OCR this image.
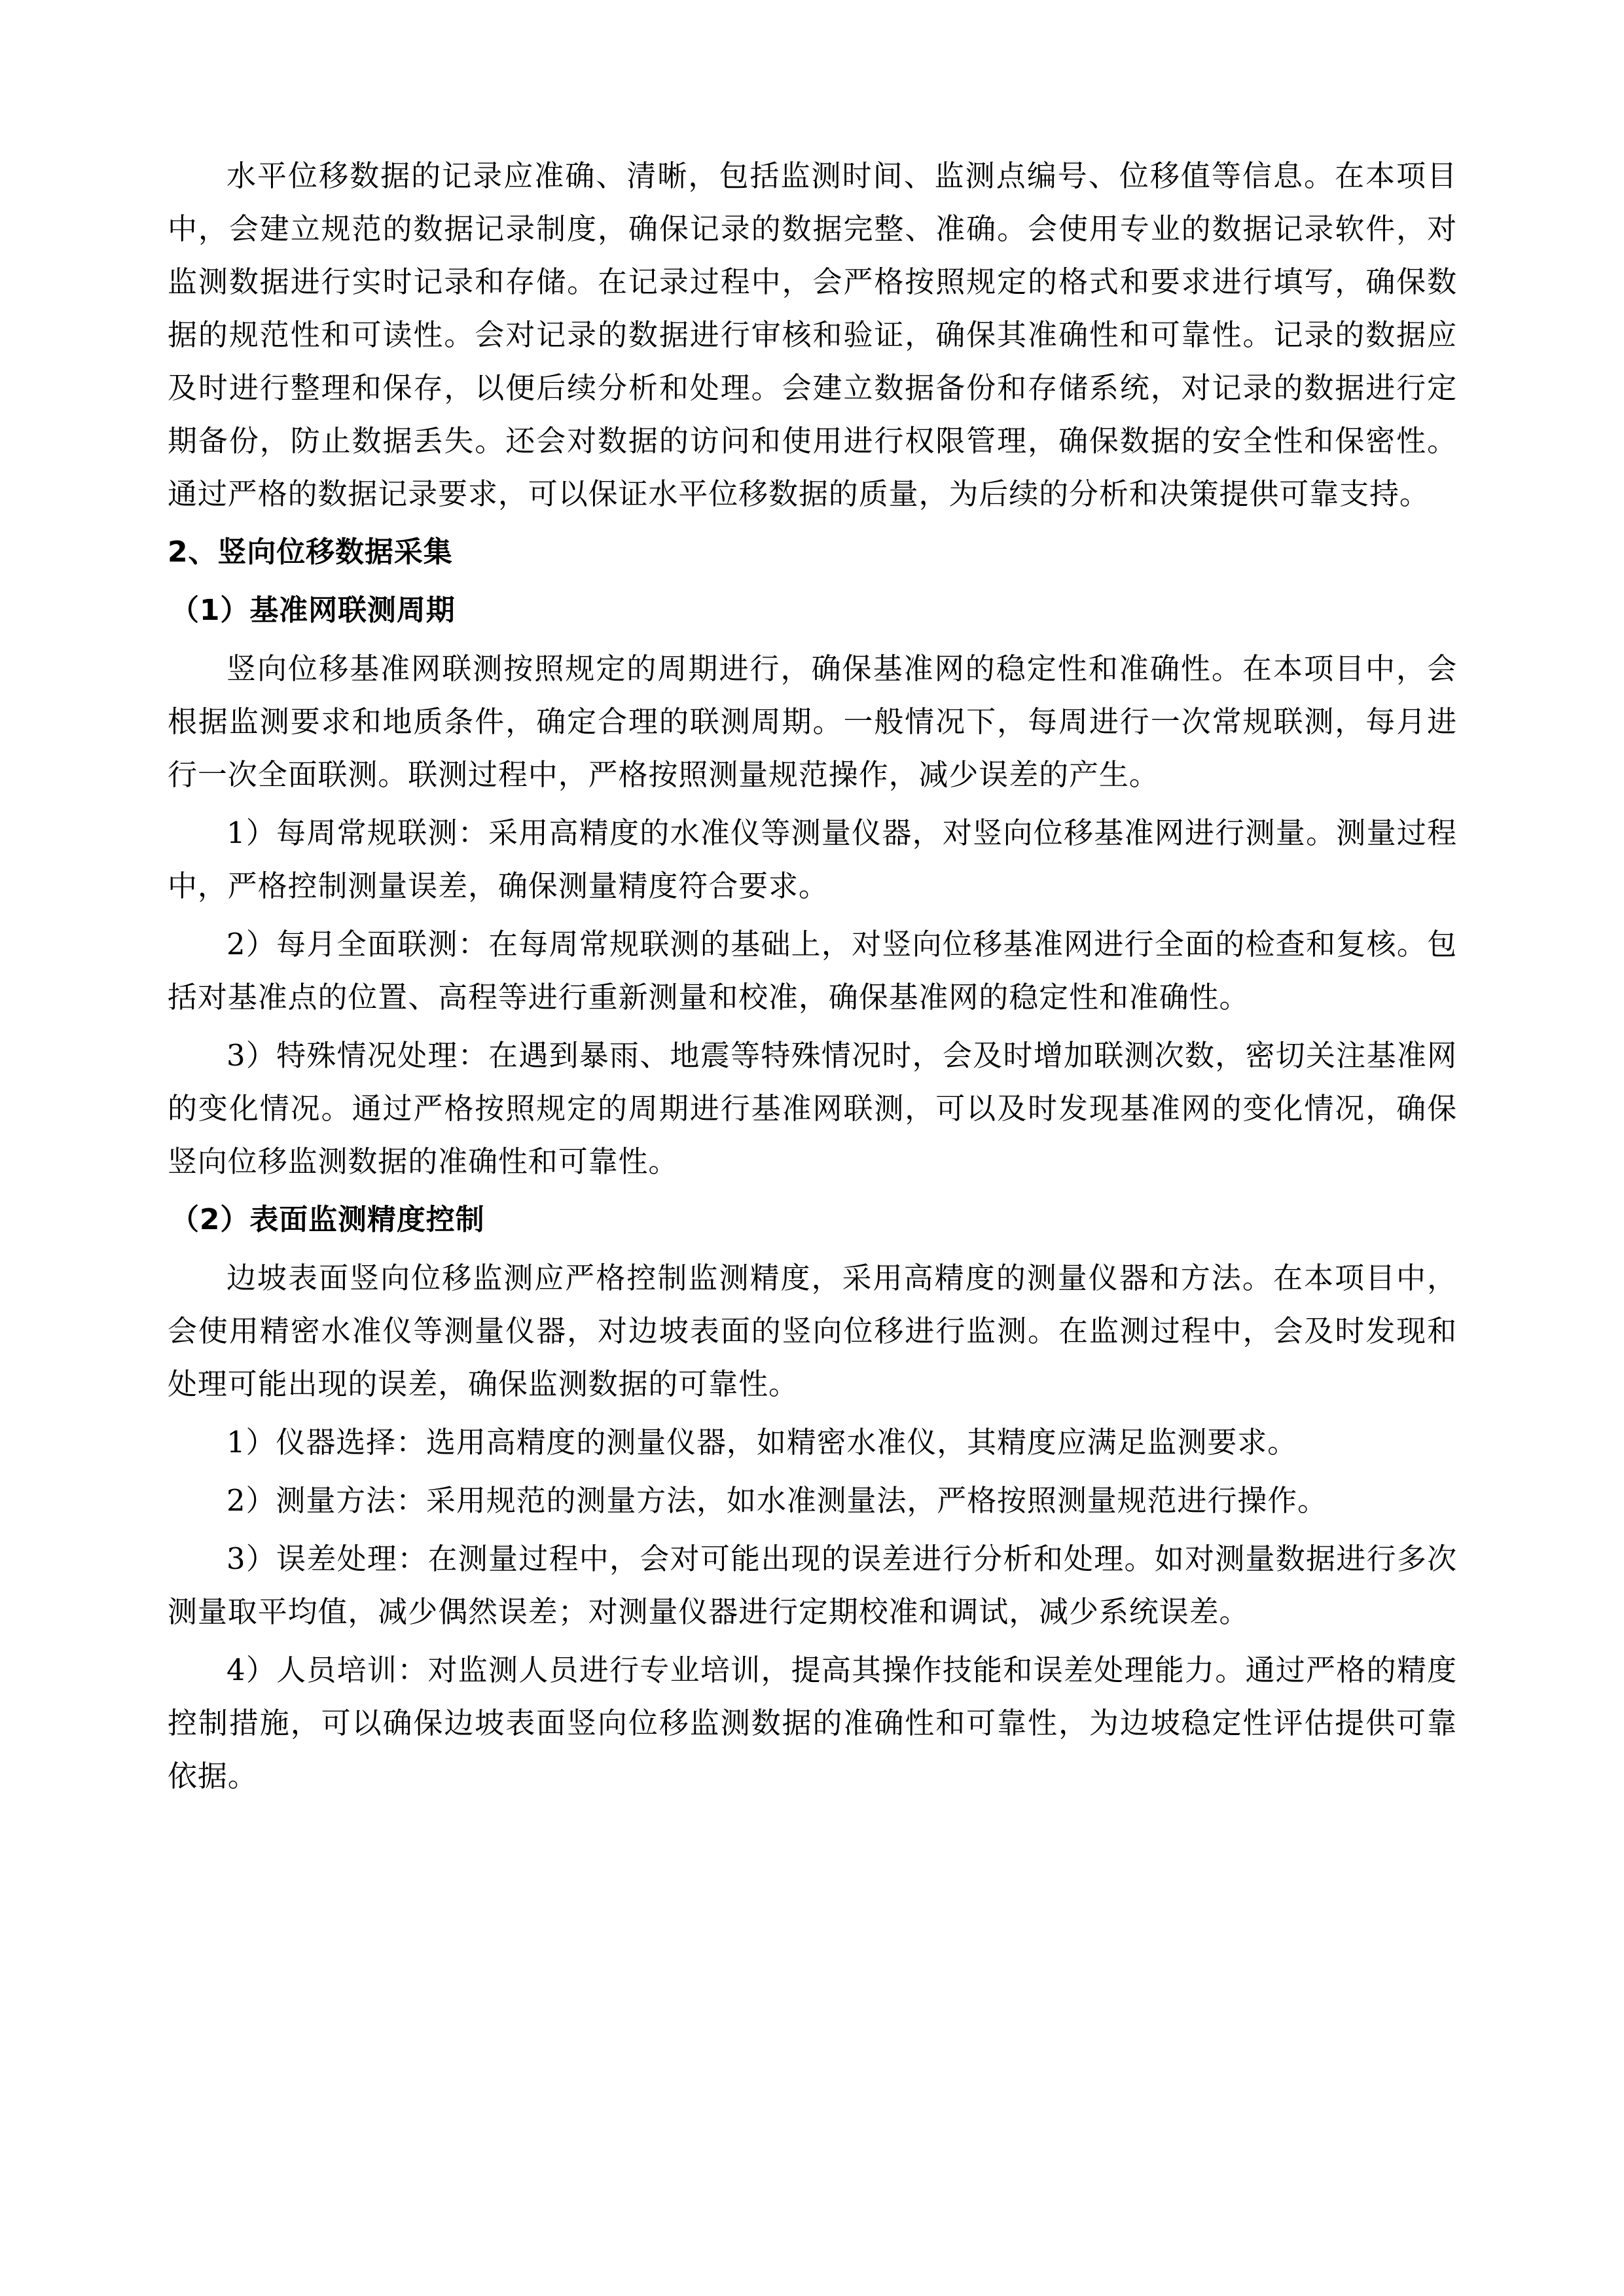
水平位移数据的记录应准确、清晰，包括监测时间、监测点编号、位移值等信息。在本项目中，会建立规范的数据记录制度，确保记录的数据完整、准确。会使用专业的数据记录软件，对监测数据进行实时记录和存储。在记录过程中，会严格按照规定的格式和要求进行填写，确保数据的规范性和可读性。会对记录的数据进行审核和验证，确保其准确性和可靠性。记录的数据应及时进行整理和保存，以便后续分析和处理。会建立数据备份和存储系统，对记录的数据进行定期备份，防止数据丢失。还会对数据的访问和使用进行权限管理，确保数据的安全性和保密性。通过严格的数据记录要求，可以保证水平位移数据的质量，为后续的分析和决策提供可靠支持。

2、竖向位移数据采集
（1）基准网联测周期

竖向位移基准网联测按照规定的周期进行，确保基准网的稳定性和准确性。在本项目中，会根据监测要求和地质条件，确定合理的联测周期。一般情况下，每周进行一次常规联测，每月进行一次全面联测。联测过程中，严格按照测量规范操作，减少误差的产生。

1）每周常规联测：采用高精度的水准仪等测量仪器，对竖向位移基准网进行测量。测量过程中，严格控制测量误差，确保测量精度符合要求。

2）每月全面联测：在每周常规联测的基础上，对竖向位移基准网进行全面的检查和复核。包括对基准点的位置、高程等进行重新测量和校准，确保基准网的稳定性和准确性。

3）特殊情况处理：在遇到暴雨、地震等特殊情况时，会及时增加联测次数，密切关注基准网的变化情况。通过严格按照规定的周期进行基准网联测，可以及时发现基准网的变化情况，确保竖向位移监测数据的准确性和可靠性。

（2）表面监测精度控制

边坡表面竖向位移监测应严格控制监测精度，采用高精度的测量仪器和方法。在本项目中，会使用精密水准仪等测量仪器，对边坡表面的竖向位移进行监测。在监测过程中，会及时发现和处理可能出现的误差，确保监测数据的可靠性。

1）仪器选择：选用高精度的测量仪器，如精密水准仪，其精度应满足监测要求。

2）测量方法：采用规范的测量方法，如水准测量法，严格按照测量规范进行操作。

3）误差处理：在测量过程中，会对可能出现的误差进行分析和处理。如对测量数据进行多次测量取平均值，减少偶然误差；对测量仪器进行定期校准和调试，减少系统误差。

4）人员培训：对监测人员进行专业培训，提高其操作技能和误差处理能力。通过严格的精度控制措施，可以确保边坡表面竖向位移监测数据的准确性和可靠性，为边坡稳定性评估提供可靠依据。
